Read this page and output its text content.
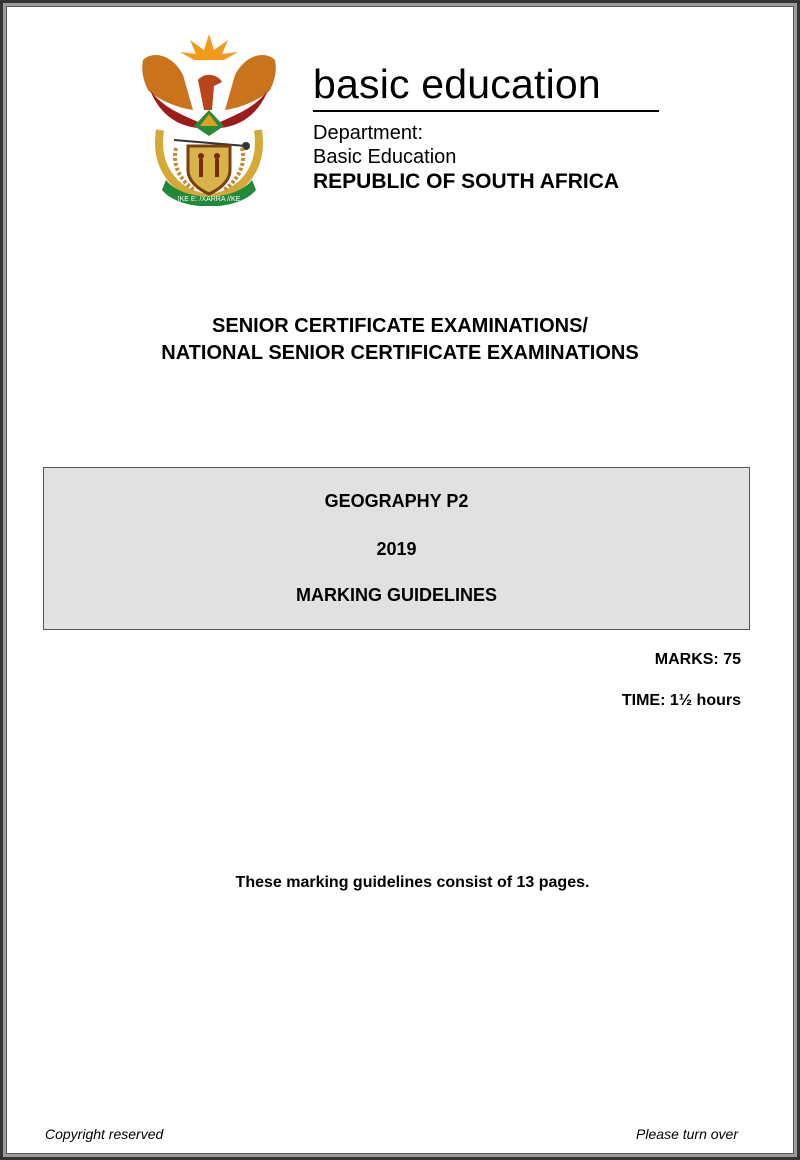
!KE E: /XARRA //KE
basic education
Department:
Basic Education
REPUBLIC OF SOUTH AFRICA
SENIOR CERTIFICATE EXAMINATIONS/
NATIONAL SENIOR CERTIFICATE EXAMINATIONS
GEOGRAPHY P2
2019
MARKING GUIDELINES
MARKS: 75
TIME: 1½ hours
These marking guidelines consist of 13 pages.
Copyright reserved	Please turn over
